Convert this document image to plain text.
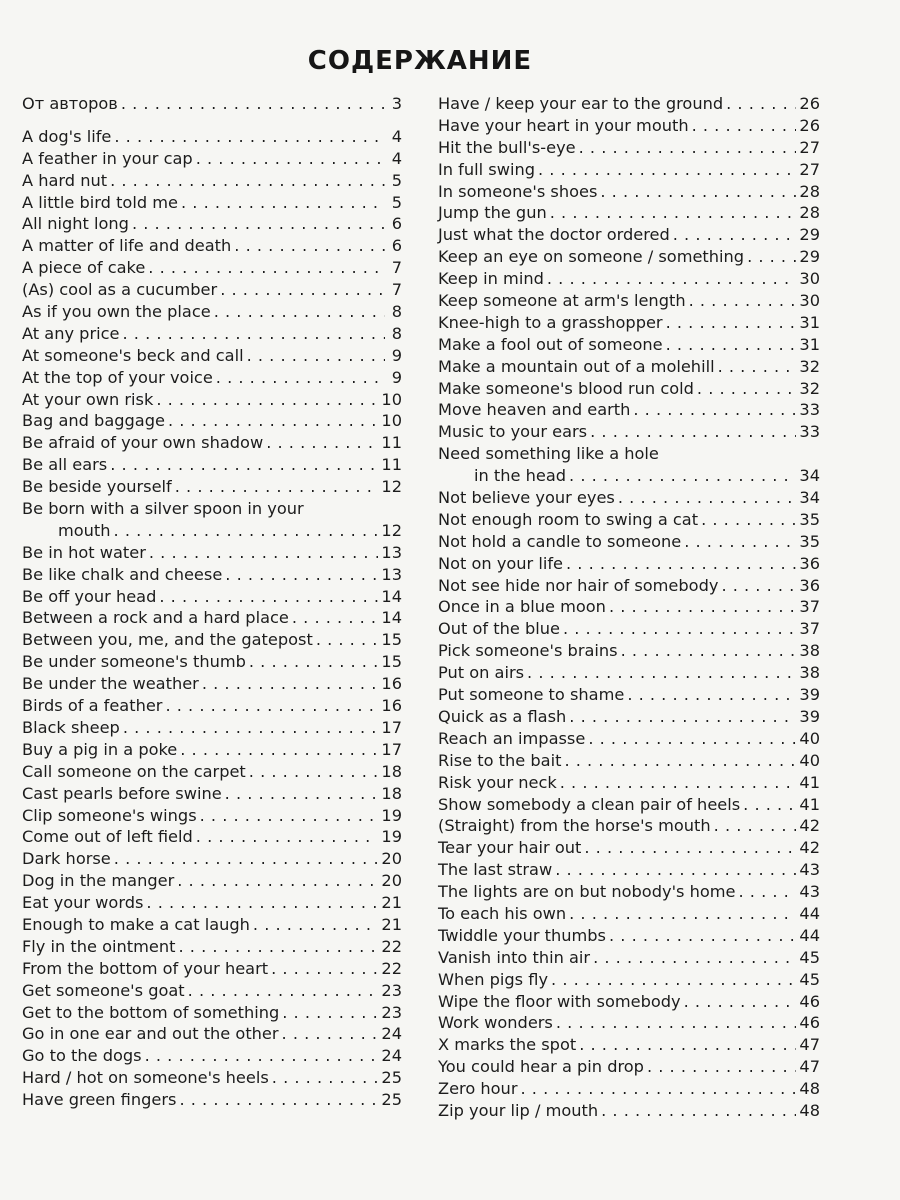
СОДЕРЖАНИЕ
От авторов . . .	3
A dog's life . . .	4
A feather in your cap . . .	4
A hard nut . . .	5
A little bird told me . . .	5
All night long . . .	6
A matter of life and death . . .	6
A piece of cake . . .	7
(As) cool as a cucumber . . .	7
As if you own the place . . .	8
At any price . . .	8
At someone's beck and call . . .	9
At the top of your voice . . .	9
At your own risk . . .	10
Bag and baggage . . .	10
Be afraid of your own shadow . . .	11
Be all ears . . .	11
Be beside yourself . . .	12
Be born with a silver spoon in your
mouth . . .	12
Be in hot water . . .	13
Be like chalk and cheese . . .	13
Be off your head . . .	14
Between a rock and a hard place . . .	14
Between you, me, and the gatepost . . .	15
Be under someone's thumb . . .	15
Be under the weather . . .	16
Birds of a feather . . .	16
Black sheep . . .	17
Buy a pig in a poke . . .	17
Call someone on the carpet . . .	18
Cast pearls before swine . . .	18
Clip someone's wings . . .	19
Come out of left field . . .	19
Dark horse . . .	20
Dog in the manger . . .	20
Eat your words . . .	21
Enough to make a cat laugh . . .	21
Fly in the ointment . . .	22
From the bottom of your heart . . .	22
Get someone's goat . . .	23
Get to the bottom of something . . .	23
Go in one ear and out the other . . .	24
Go to the dogs . . .	24
Hard / hot on someone's heels . . .	25
Have green fingers . . .	25
Have / keep your ear to the ground . . .	26
Have your heart in your mouth . . .	26
Hit the bull's-eye . . .	27
In full swing . . .	27
In someone's shoes . . .	28
Jump the gun . . .	28
Just what the doctor ordered . . .	29
Keep an eye on someone / something . . .	29
Keep in mind . . .	30
Keep someone at arm's length . . .	30
Knee-high to a grasshopper . . .	31
Make a fool out of someone . . .	31
Make a mountain out of a molehill . . .	32
Make someone's blood run cold . . .	32
Move heaven and earth . . .	33
Music to your ears . . .	33
Need something like a hole
in the head . . .	34
Not believe your eyes . . .	34
Not enough room to swing a cat . . .	35
Not hold a candle to someone . . .	35
Not on your life . . .	36
Not see hide nor hair of somebody . . .	36
Once in a blue moon . . .	37
Out of the blue . . .	37
Pick someone's brains . . .	38
Put on airs . . .	38
Put someone to shame . . .	39
Quick as a flash . . .	39
Reach an impasse . . .	40
Rise to the bait . . .	40
Risk your neck . . .	41
Show somebody a clean pair of heels . . .	41
(Straight) from the horse's mouth . . .	42
Tear your hair out . . .	42
The last straw . . .	43
The lights are on but nobody's home . . .	43
To each his own . . .	44
Twiddle your thumbs . . .	44
Vanish into thin air . . .	45
When pigs fly . . .	45
Wipe the floor with somebody . . .	46
Work wonders . . .	46
X marks the spot . . .	47
You could hear a pin drop . . .	47
Zero hour . . .	48
Zip your lip / mouth . . .	48
